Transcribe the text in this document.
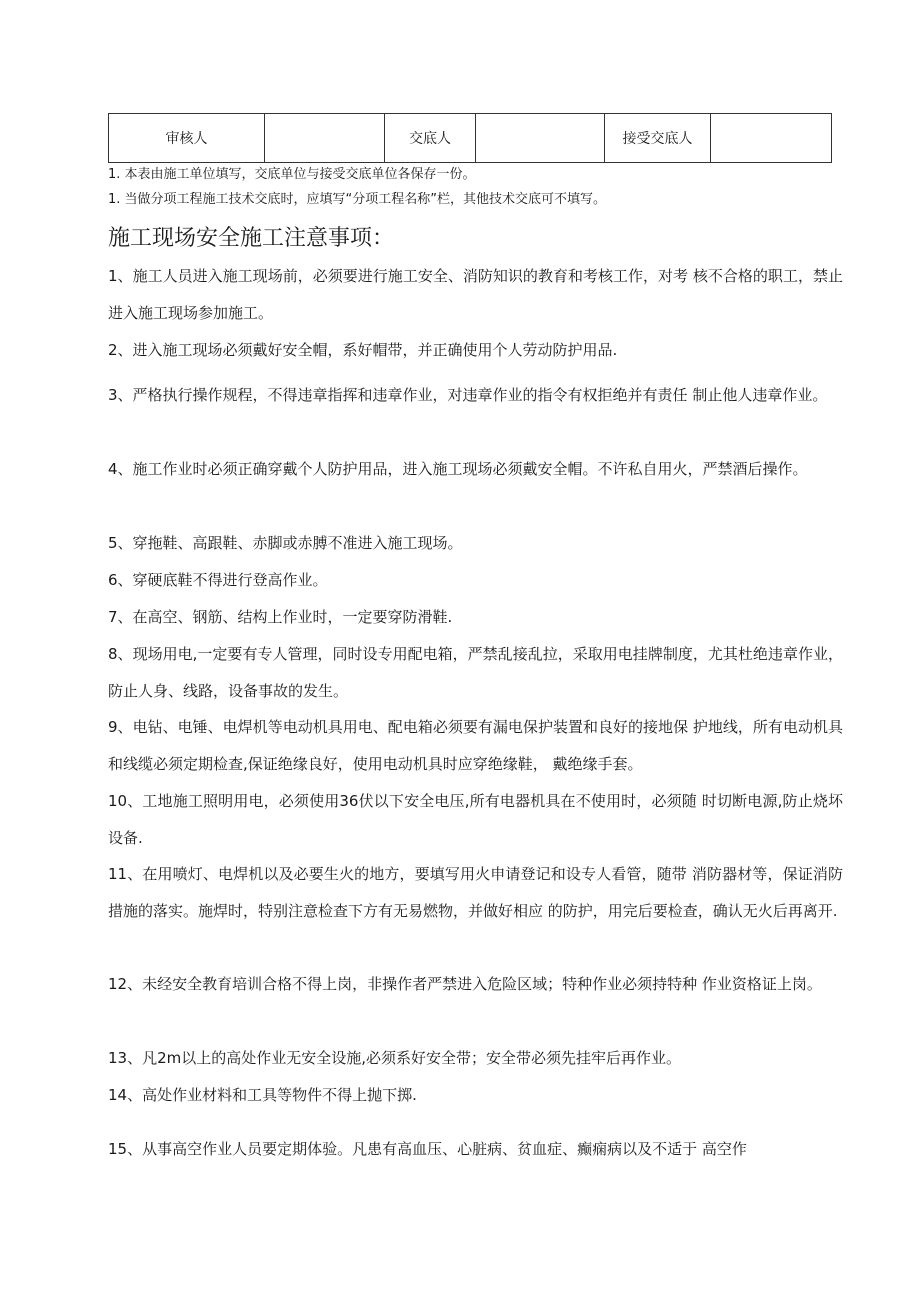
审核人		交底人		接受交底人	
1. 本表由施工单位填写，交底单位与接受交底单位各保存一份。
1. 当做分项工程施工技术交底时，应填写“分项工程名称”栏，其他技术交底可不填写。
施工现场安全施工注意事项：
1、施工人员进入施工现场前，必须要进行施工安全、消防知识的教育和考核工作，对考 核不合格的职工，禁止进入施工现场参加施工。
2、进入施工现场必须戴好安全帽，系好帽带，并正确使用个人劳动防护用品.
3、严格执行操作规程，不得违章指挥和违章作业，对违章作业的指令有权拒绝并有责任 制止他人违章作业。
4、施工作业时必须正确穿戴个人防护用品，进入施工现场必须戴安全帽。不许私自用火，严禁酒后操作。
5、穿拖鞋、高跟鞋、赤脚或赤膊不准进入施工现场。
6、穿硬底鞋不得进行登高作业。
7、在高空、钢筋、结构上作业时，一定要穿防滑鞋.
8、现场用电,一定要有专人管理，同时设专用配电箱，严禁乱接乱拉，采取用电挂牌制度，尤其杜绝违章作业，防止人身、线路，设备事故的发生。
9、电钻、电锤、电焊机等电动机具用电、配电箱必须要有漏电保护装置和良好的接地保 护地线，所有电动机具和线缆必须定期检查,保证绝缘良好，使用电动机具时应穿绝缘鞋， 戴绝缘手套。
10、工地施工照明用电，必须使用36伏以下安全电压,所有电器机具在不使用时，必须随 时切断电源,防止烧坏设备.
11、在用喷灯、电焊机以及必要生火的地方，要填写用火申请登记和设专人看管，随带 消防器材等，保证消防措施的落实。施焊时，特别注意检查下方有无易燃物，并做好相应 的防护，用完后要检查，确认无火后再离开.
12、未经安全教育培训合格不得上岗，非操作者严禁进入危险区域；特种作业必须持特种 作业资格证上岗。
13、凡2m以上的高处作业无安全设施,必须系好安全带；安全带必须先挂牢后再作业。
14、高处作业材料和工具等物件不得上抛下掷.
15、从事高空作业人员要定期体验。凡患有高血压、心脏病、贫血症、癫痫病以及不适于 高空作
